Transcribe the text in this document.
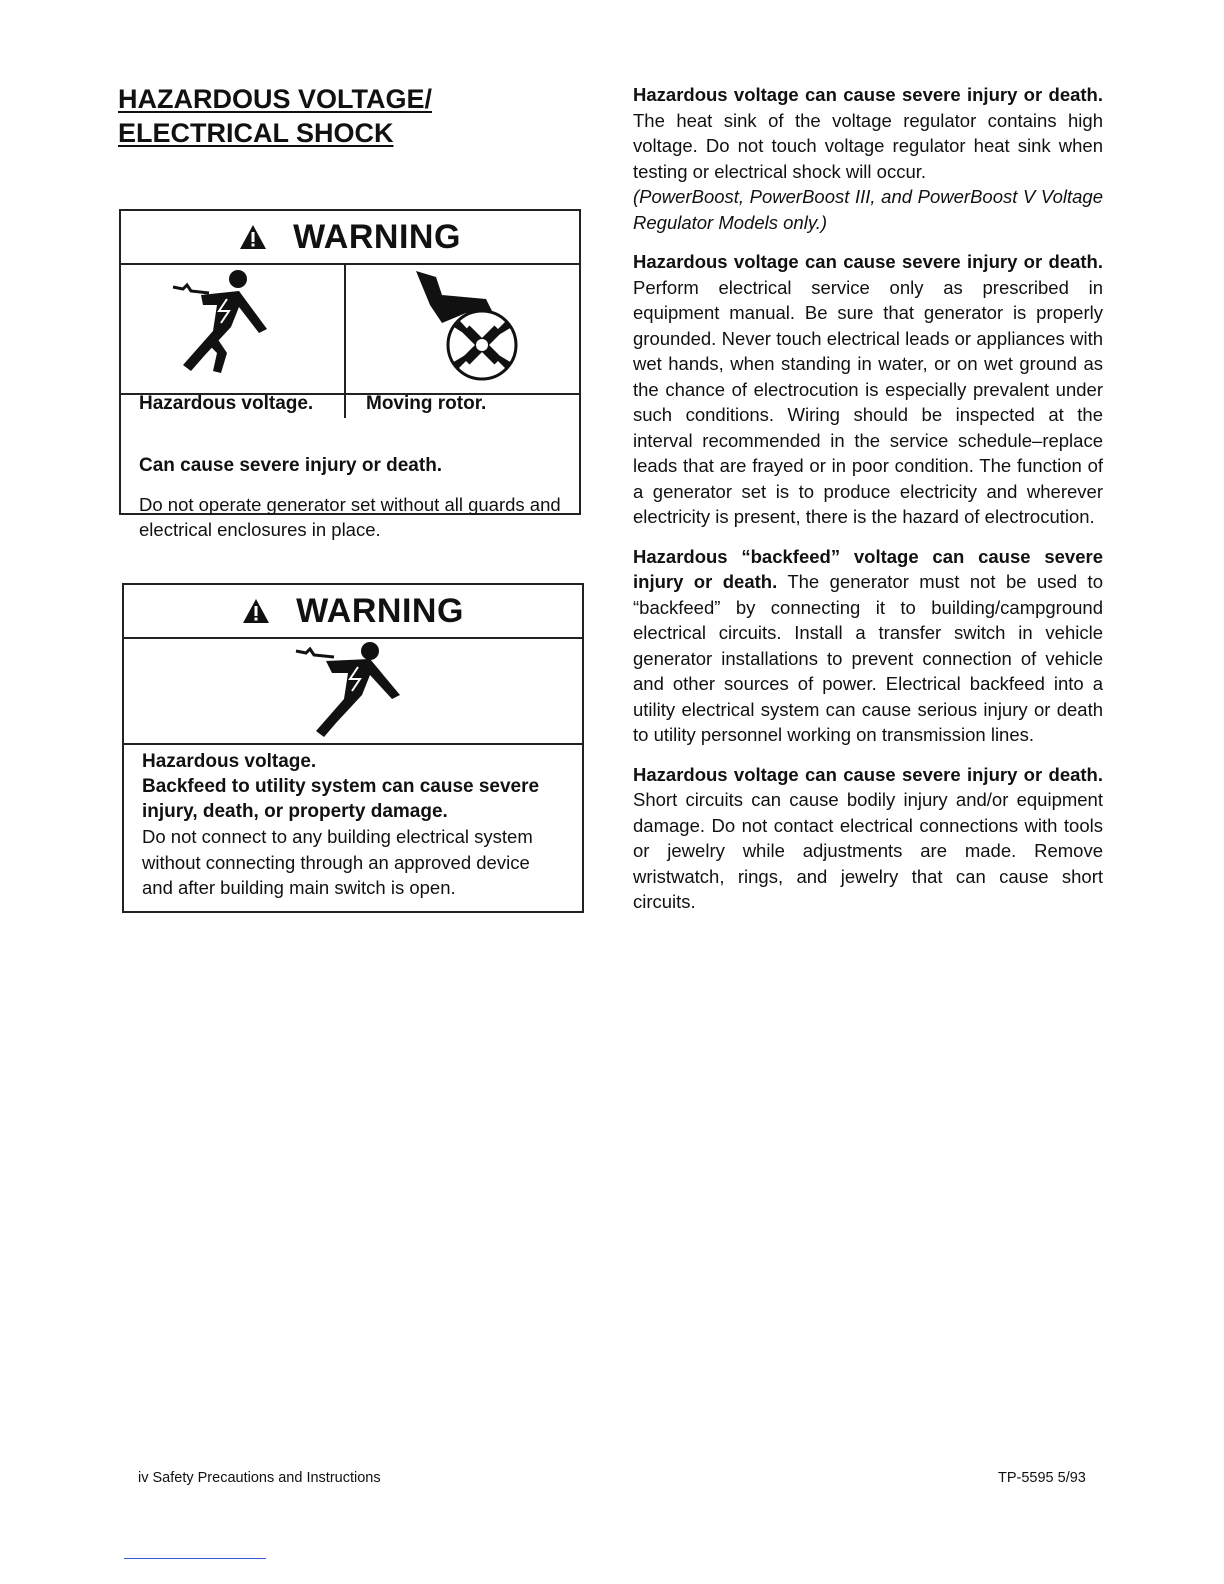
HAZARDOUS VOLTAGE/
ELECTRICAL SHOCK
WARNING
Hazardous voltage.	Moving rotor.
Can cause severe injury or death.
Do not operate generator set without all guards and electrical enclosures in place.
WARNING
Hazardous voltage.
Backfeed to utility system can cause severe injury, death, or property damage.
Do not connect to any building electrical system without connecting through an approved device and after building main switch is open.

Hazardous voltage can cause severe injury or death. The heat sink of the voltage regulator contains high voltage. Do not touch voltage regulator heat sink when testing or electrical shock will occur.
(PowerBoost, PowerBoost III, and PowerBoost V Voltage Regulator Models only.)

Hazardous voltage can cause severe injury or death. Perform electrical service only as prescribed in equipment manual. Be sure that generator is properly grounded. Never touch electrical leads or appliances with wet hands, when standing in water, or on wet ground as the chance of electrocution is especially prevalent under such conditions. Wiring should be inspected at the interval recommended in the service schedule–replace leads that are frayed or in poor condition. The function of a generator set is to produce electricity and wherever electricity is present, there is the hazard of electrocution.

Hazardous “backfeed” voltage can cause severe injury or death. The generator must not be used to “backfeed” by connecting it to building/campground electrical circuits. Install a transfer switch in vehicle generator installations to prevent connection of vehicle and other sources of power. Electrical backfeed into a utility electrical system can cause serious injury or death to utility personnel working on transmission lines.

Hazardous voltage can cause severe injury or death. Short circuits can cause bodily injury and/or equipment damage. Do not contact electrical connections with tools or jewelry while adjustments are made. Remove wristwatch, rings, and jewelry that can cause short circuits.

iv Safety Precautions and Instructions	TP-5595 5/93
